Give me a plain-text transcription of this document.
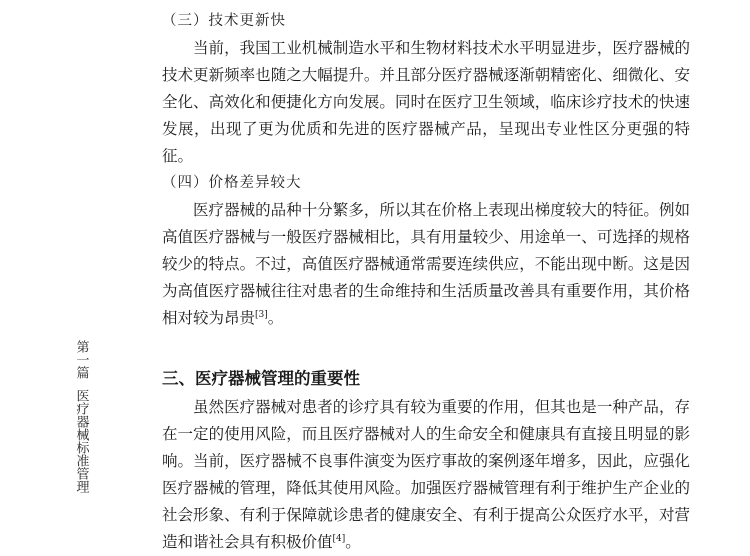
第一篇
医疗器械标准管理

（三）技术更新快

当前，我国工业机械制造水平和生物材料技术水平明显进步，医疗器械的技术更新频率也随之大幅提升。并且部分医疗器械逐渐朝精密化、细微化、安全化、高效化和便捷化方向发展。同时在医疗卫生领域，临床诊疗技术的快速发展，出现了更为优质和先进的医疗器械产品，呈现出专业性区分更强的特征。

（四）价格差异较大

医疗器械的品种十分繁多，所以其在价格上表现出梯度较大的特征。例如高值医疗器械与一般医疗器械相比，具有用量较少、用途单一、可选择的规格较少的特点。不过，高值医疗器械通常需要连续供应，不能出现中断。这是因为高值医疗器械往往对患者的生命维持和生活质量改善具有重要作用，其价格相对较为昂贵[3]。

三、医疗器械管理的重要性

虽然医疗器械对患者的诊疗具有较为重要的作用，但其也是一种产品，存在一定的使用风险，而且医疗器械对人的生命安全和健康具有直接且明显的影响。当前，医疗器械不良事件演变为医疗事故的案例逐年增多，因此，应强化医疗器械的管理，降低其使用风险。加强医疗器械管理有利于维护生产企业的社会形象、有利于保障就诊患者的健康安全、有利于提高公众医疗水平，对营造和谐社会具有积极价值[4]。
